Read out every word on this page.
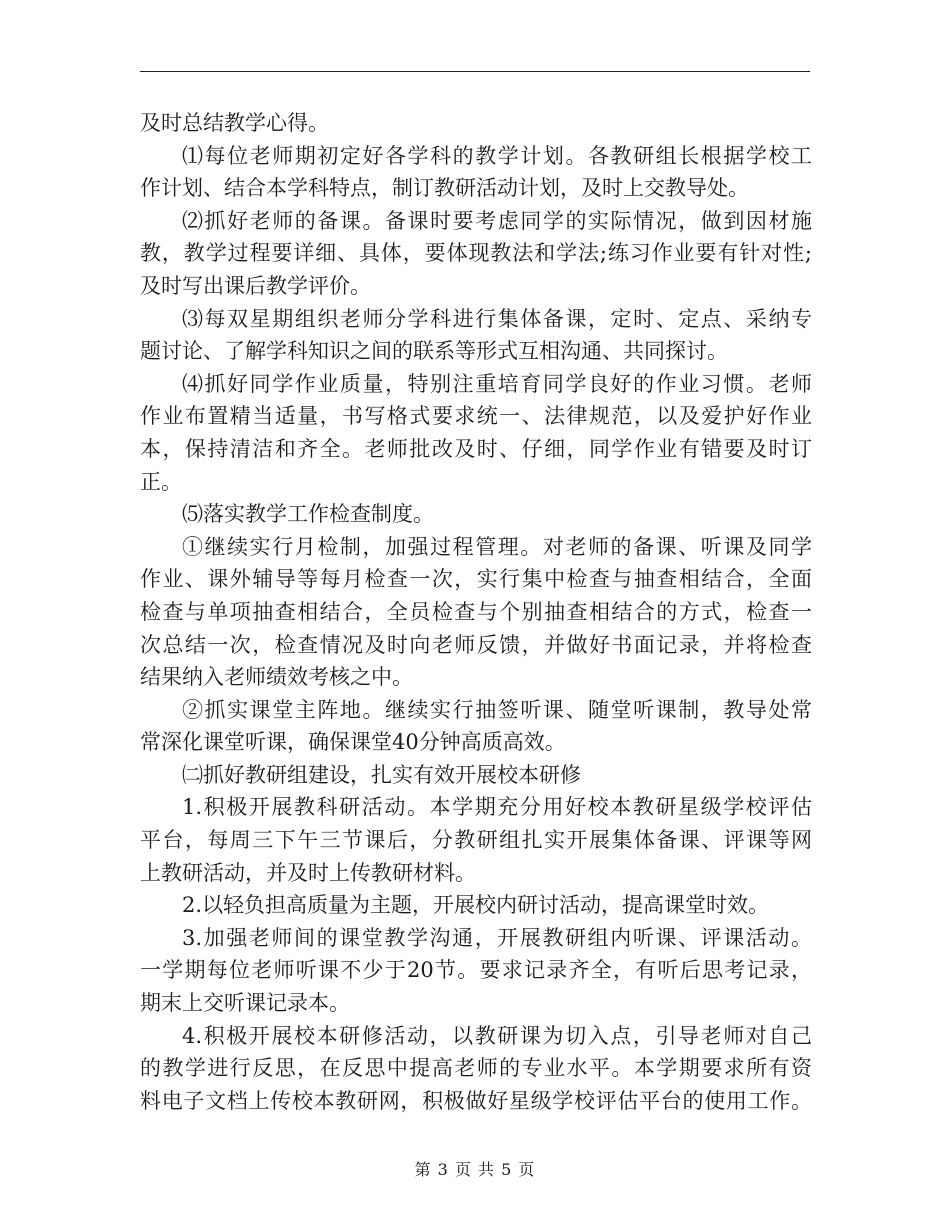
及时总结教学心得。
⑴每位老师期初定好各学科的教学计划。各教研组长根据学校工
作计划、结合本学科特点，制订教研活动计划，及时上交教导处。
⑵抓好老师的备课。备课时要考虑同学的实际情况，做到因材施
教，教学过程要详细、具体，要体现教法和学法;练习作业要有针对性;
及时写出课后教学评价。
⑶每双星期组织老师分学科进行集体备课，定时、定点、采纳专
题讨论、了解学科知识之间的联系等形式互相沟通、共同探讨。
⑷抓好同学作业质量，特别注重培育同学良好的作业习惯。老师
作业布置精当适量，书写格式要求统一、法律规范，以及爱护好作业
本，保持清洁和齐全。老师批改及时、仔细，同学作业有错要及时订
正。
⑸落实教学工作检查制度。
①继续实行月检制，加强过程管理。对老师的备课、听课及同学
作业、课外辅导等每月检查一次，实行集中检查与抽查相结合，全面
检查与单项抽查相结合，全员检查与个别抽查相结合的方式，检查一
次总结一次，检查情况及时向老师反馈，并做好书面记录，并将检查
结果纳入老师绩效考核之中。
②抓实课堂主阵地。继续实行抽签听课、随堂听课制，教导处常
常深化课堂听课，确保课堂40分钟高质高效。
㈡抓好教研组建设，扎实有效开展校本研修
1.积极开展教科研活动。本学期充分用好校本教研星级学校评估
平台，每周三下午三节课后，分教研组扎实开展集体备课、评课等网
上教研活动，并及时上传教研材料。
2.以轻负担高质量为主题，开展校内研讨活动，提高课堂时效。
3.加强老师间的课堂教学沟通，开展教研组内听课、评课活动。
一学期每位老师听课不少于20节。要求记录齐全，有听后思考记录，
期末上交听课记录本。
4.积极开展校本研修活动，以教研课为切入点，引导老师对自己
的教学进行反思，在反思中提高老师的专业水平。本学期要求所有资
料电子文档上传校本教研网，积极做好星级学校评估平台的使用工作。
第 3 页 共 5 页
